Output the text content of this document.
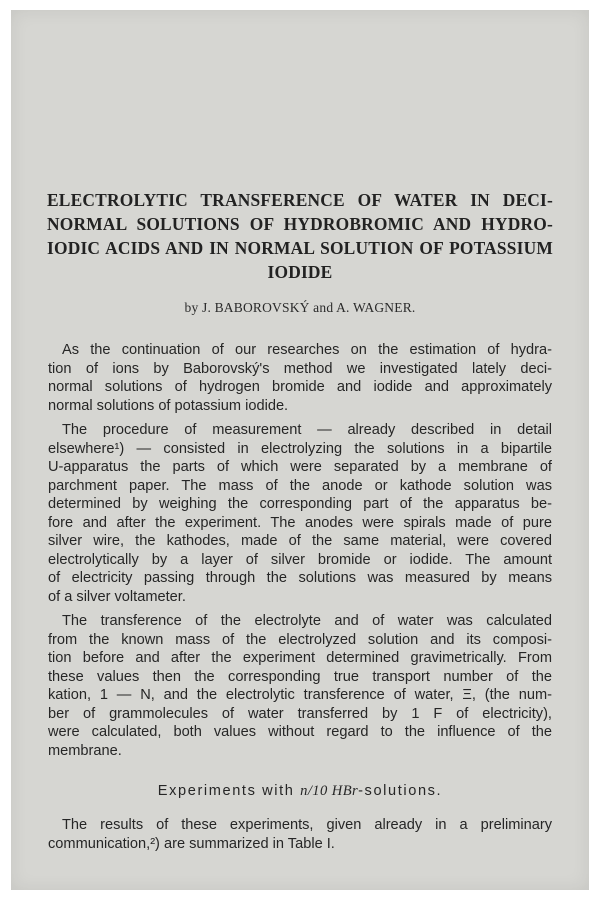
ELECTROLYTIC TRANSFERENCE OF WATER IN DECI-
NORMAL SOLUTIONS OF HYDROBROMIC AND HYDRO-
IODIC ACIDS AND IN NORMAL SOLUTION OF POTASSIUM
IODIDE
by J. BABOROVSKÝ and A. WAGNER.

As the continuation of our researches on the estimation of hydra-
tion of ions by Baborovský's method we investigated lately deci-
normal solutions of hydrogen bromide and iodide and approximately
normal solutions of potassium iodide.

The procedure of measurement — already described in detail
elsewhere¹) — consisted in electrolyzing the solutions in a bipartile
U-apparatus the parts of which were separated by a membrane of
parchment paper. The mass of the anode or kathode solution was
determined by weighing the corresponding part of the apparatus be-
fore and after the experiment. The anodes were spirals made of pure
silver wire, the kathodes, made of the same material, were covered
electrolytically by a layer of silver bromide or iodide. The amount
of electricity passing through the solutions was measured by means
of a silver voltameter.

The transference of the electrolyte and of water was calculated
from the known mass of the electrolyzed solution and its composi-
tion before and after the experiment determined gravimetrically. From
these values then the corresponding true transport number of the
kation, 1 — N, and the electrolytic transference of water, Ξ, (the num-
ber of grammolecules of water transferred by 1 F of electricity),
were calculated, both values without regard to the influence of the
membrane.

Experiments with n/10 HBr-solutions.
The results of these experiments, given already in a preliminary
communication,²) are summarized in Table I.
